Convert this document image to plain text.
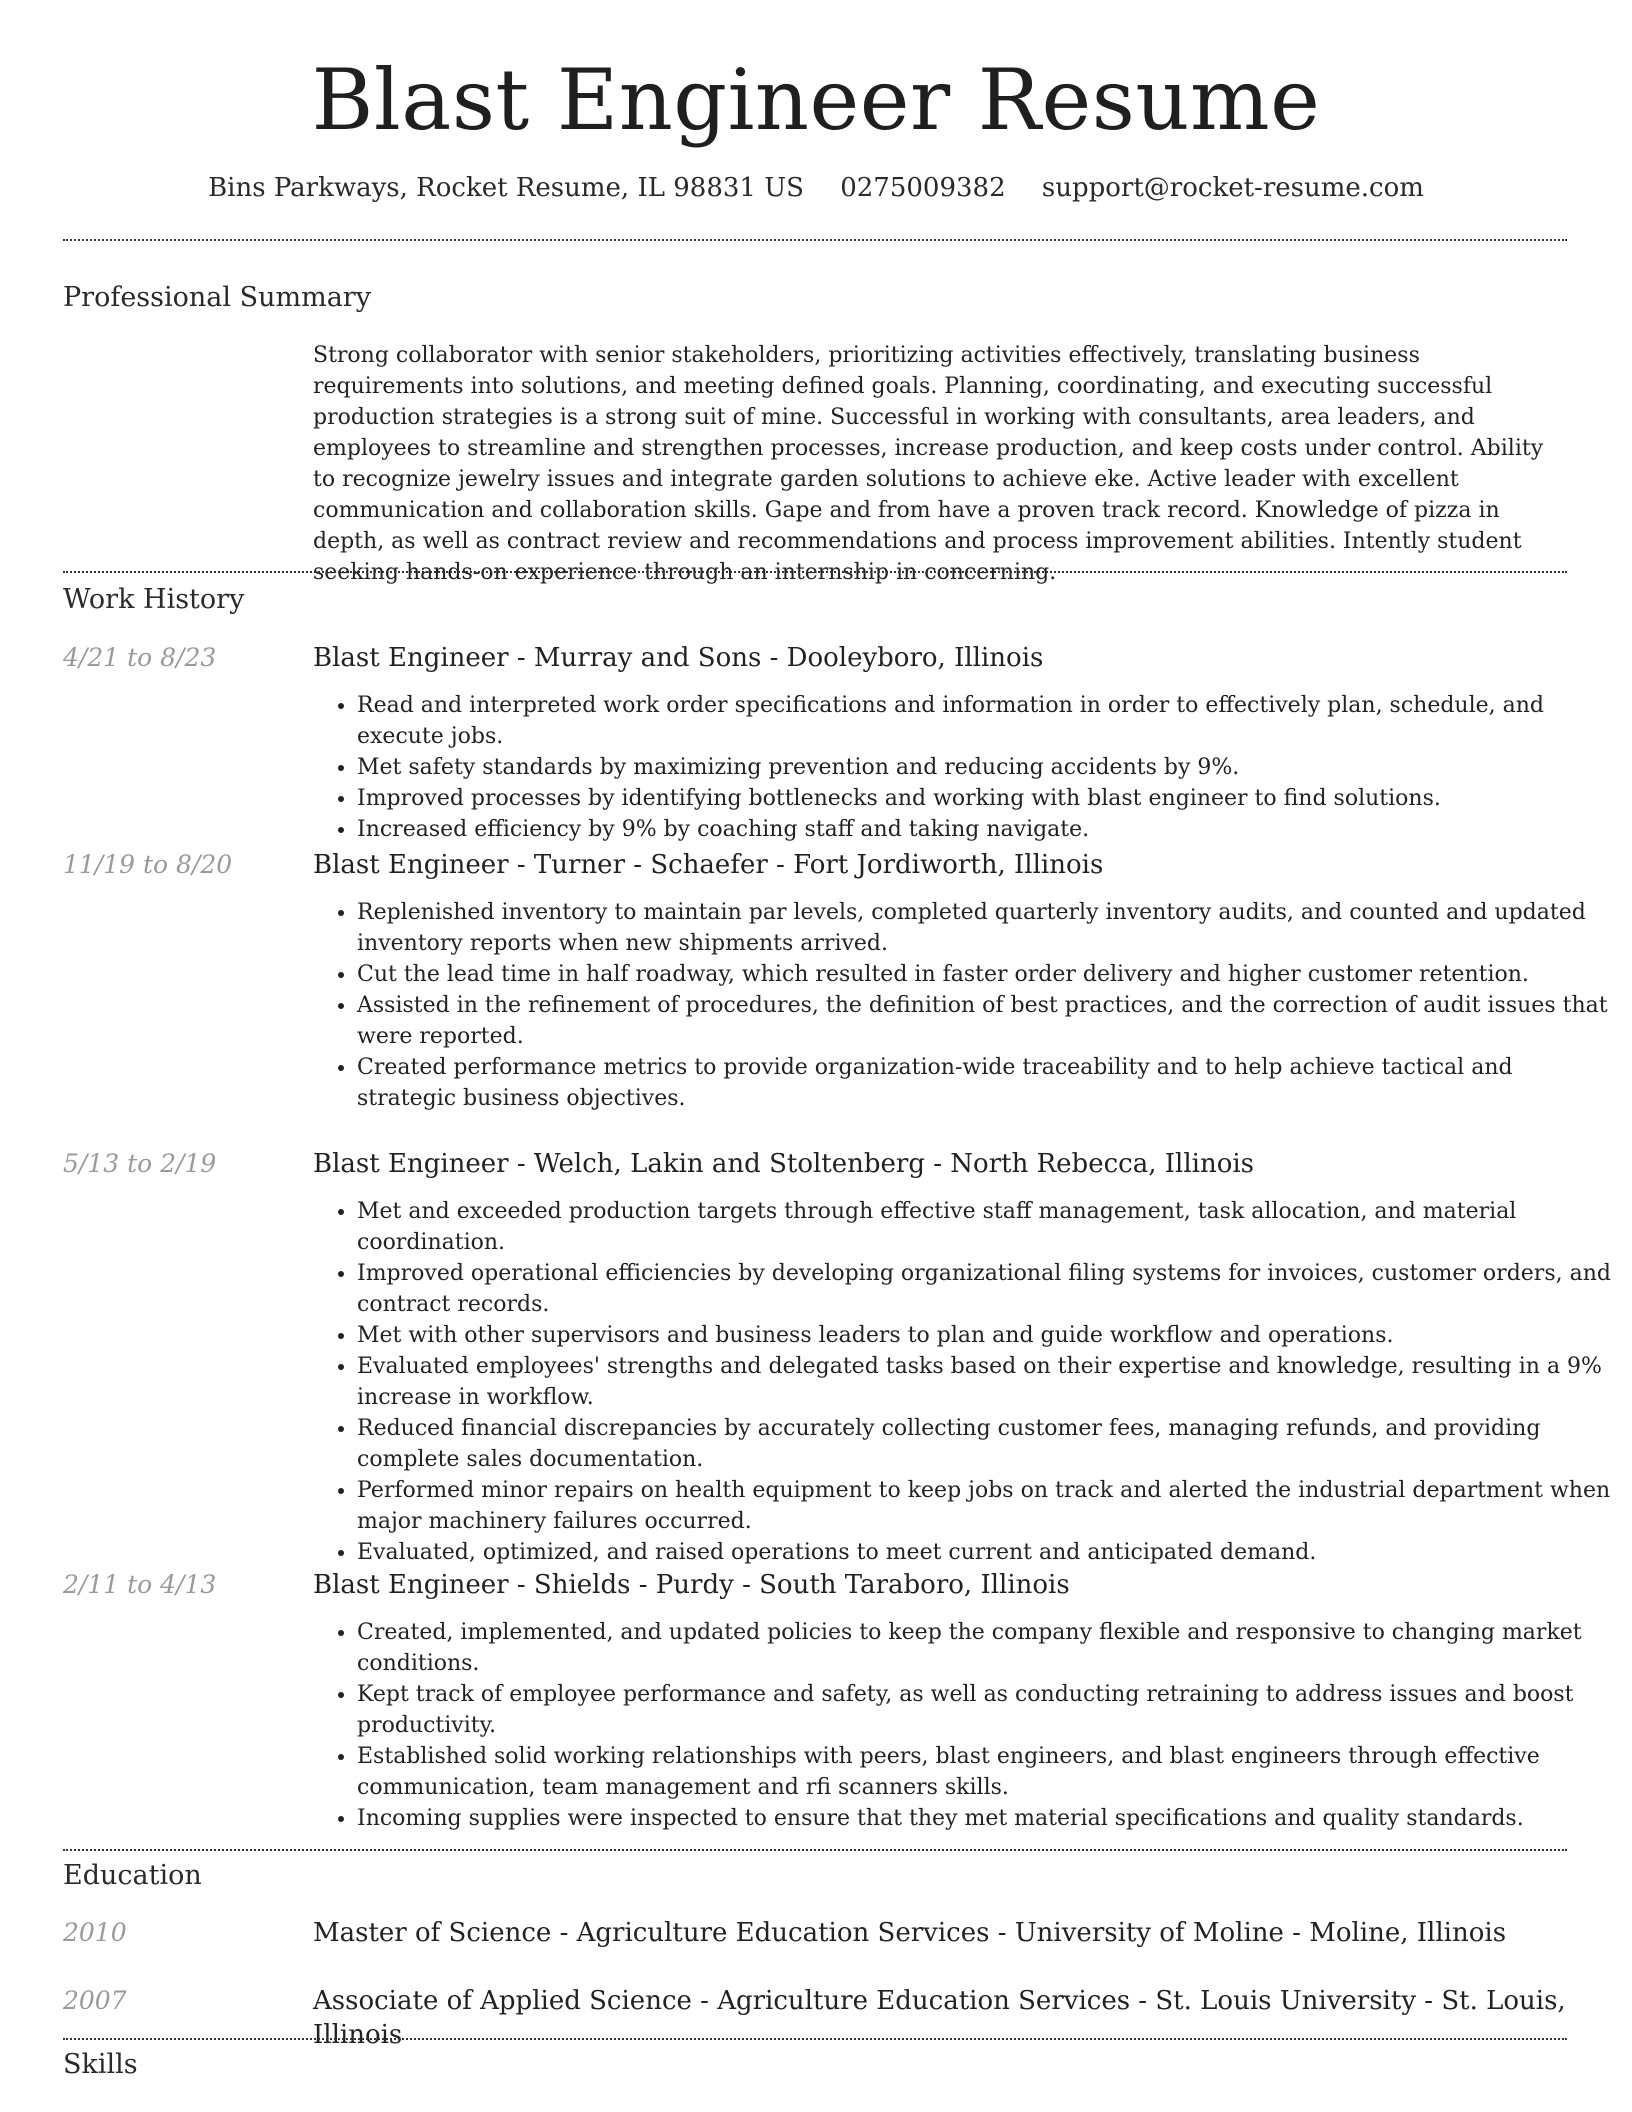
Blast Engineer Resume
Bins Parkways, Rocket Resume, IL 98831 US 0275009382 support@rocket-resume.com
Professional Summary

Strong collaborator with senior stakeholders, prioritizing activities effectively, translating business requirements into solutions, and meeting defined goals. Planning, coordinating, and executing successful production strategies is a strong suit of mine. Successful in working with consultants, area leaders, and employees to streamline and strengthen processes, increase production, and keep costs under control. Ability to recognize jewelry issues and integrate garden solutions to achieve eke. Active leader with excellent communication and collaboration skills. Gape and from have a proven track record. Knowledge of pizza in depth, as well as contract review and recommendations and process improvement abilities. Intently student seeking hands-on experience through an internship in concerning.

Work History
4/21 to 8/23	Blast Engineer - Murray and Sons - Dooleyboro, Illinois
• Read and interpreted work order specifications and information in order to effectively plan, schedule, and execute jobs.
• Met safety standards by maximizing prevention and reducing accidents by 9%.
• Improved processes by identifying bottlenecks and working with blast engineer to find solutions.
• Increased efficiency by 9% by coaching staff and taking navigate.
11/19 to 8/20	Blast Engineer - Turner - Schaefer - Fort Jordiworth, Illinois
• Replenished inventory to maintain par levels, completed quarterly inventory audits, and counted and updated inventory reports when new shipments arrived.
• Cut the lead time in half roadway, which resulted in faster order delivery and higher customer retention.
• Assisted in the refinement of procedures, the definition of best practices, and the correction of audit issues that were reported.
• Created performance metrics to provide organization-wide traceability and to help achieve tactical and strategic business objectives.
5/13 to 2/19	Blast Engineer - Welch, Lakin and Stoltenberg - North Rebecca, Illinois
• Met and exceeded production targets through effective staff management, task allocation, and material coordination.
• Improved operational efficiencies by developing organizational filing systems for invoices, customer orders, and contract records.
• Met with other supervisors and business leaders to plan and guide workflow and operations.
• Evaluated employees' strengths and delegated tasks based on their expertise and knowledge, resulting in a 9% increase in workflow.
• Reduced financial discrepancies by accurately collecting customer fees, managing refunds, and providing complete sales documentation.
• Performed minor repairs on health equipment to keep jobs on track and alerted the industrial department when major machinery failures occurred.
• Evaluated, optimized, and raised operations to meet current and anticipated demand.
2/11 to 4/13	Blast Engineer - Shields - Purdy - South Taraboro, Illinois
• Created, implemented, and updated policies to keep the company flexible and responsive to changing market conditions.
• Kept track of employee performance and safety, as well as conducting retraining to address issues and boost productivity.
• Established solid working relationships with peers, blast engineers, and blast engineers through effective communication, team management and rfi scanners skills.
• Incoming supplies were inspected to ensure that they met material specifications and quality standards.
Education
2010	Master of Science - Agriculture Education Services - University of Moline - Moline, Illinois
2007	Associate of Applied Science - Agriculture Education Services - St. Louis University - St. Louis, Illinois
Skills
